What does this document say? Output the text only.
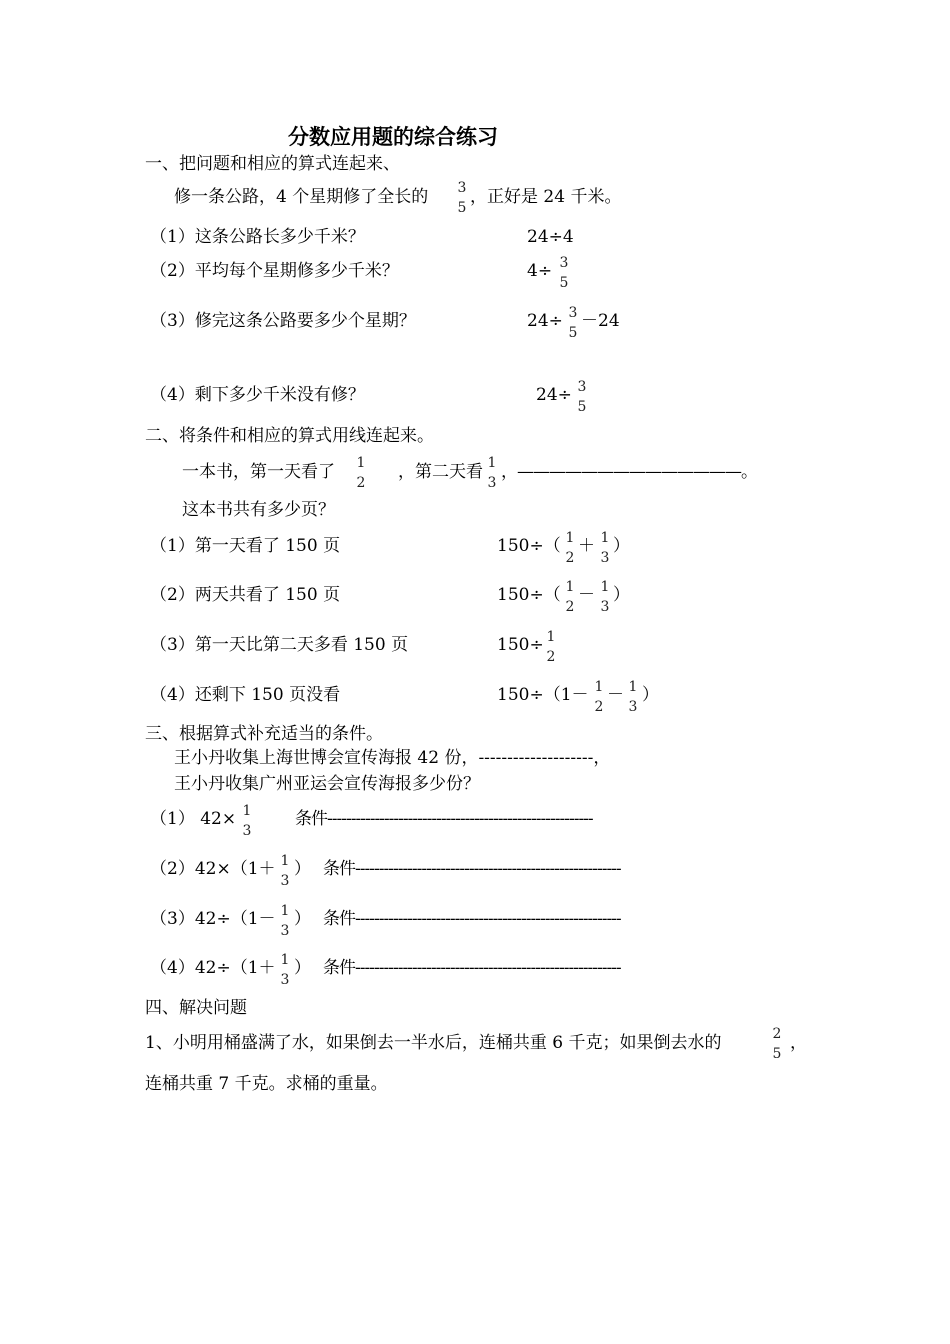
分数应用题的综合练习
一、把问题和相应的算式连起来、
修一条公路，4 个星期修了全长的 3
5
，正好是 24 千米。
（1）这条公路长多少千米？	24÷4
（2）平均每个星期修多少千米？	4÷ 3
5
（3）修完这条公路要多少个星期？	24÷ 3
5
－24
（4）剩下多少千米没有修？	24÷ 3
5
二、将条件和相应的算式用线连起来。
一本书，第一天看了 1
2
，第二天看 1
3
，——————————————。
这本书共有多少页？
（1）第一天看了 150 页	150÷（ 1
2
＋ 1
3
）
（2）两天共看了 150 页	150÷（ 1
2
－ 1
3
）
（3）第一天比第二天多看 150 页	150÷ 1
2
（4）还剩下 150 页没看	150÷（1－ 1
2
－ 1
3
）
三、根据算式补充适当的条件。
王小丹收集上海世博会宣传海报 42 份，--------------------，
王小丹收集广州亚运会宣传海报多少份？
（1） 42× 1
3
条件--------------------------------------------------------
（2）42×（1＋ 1
3
） 条件--------------------------------------------------------
（3）42÷（1－ 1
3
） 条件--------------------------------------------------------
（4）42÷（1＋ 1
3
） 条件--------------------------------------------------------
四、解决问题
1、小明用桶盛满了水，如果倒去一半水后，连桶共重 6 千克；如果倒去水的	2
5
，
连桶共重 7 千克。求桶的重量。
